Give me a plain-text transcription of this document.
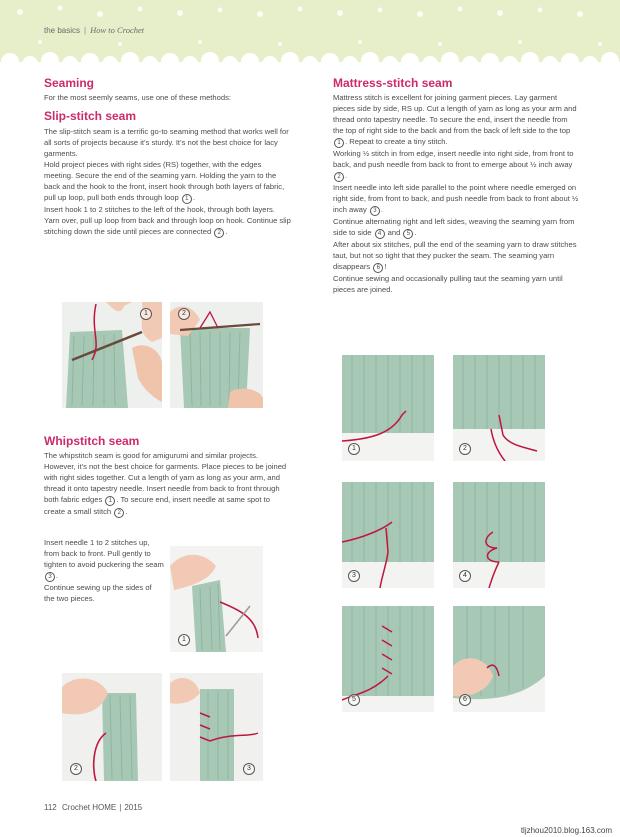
the basics | How to Crochet
Seaming

For the most seemly seams, use one of these methods:

Slip-stitch seam

The slip-stitch seam is a terrific go-to seaming method that works well for all sorts of projects because it’s sturdy. It’s not the best choice for lacy garments.

Hold project pieces with right sides (RS) together, with the edges meeting. Secure the end of the seaming yarn. Holding the yarn to the back and the hook to the front, insert hook through both layers of fabric, pull up loop, pull both ends through loop 1 .

Insert hook 1 to 2 stitches to the left of the hook, through both layers.

Yarn over, pull up loop from back and through loop on hook. Continue slip stitching down the side until pieces are connected 2 .

1	2
Whipstitch seam

The whipstitch seam is good for amigurumi and similar projects. However, it’s not the best choice for garments. Place pieces to be joined with right sides together. Cut a length of yarn as long as your arm, and thread it onto tapestry needle. Insert needle from back to front through both fabric edges 1 . To secure end, insert needle at same spot to create a small stitch 2 .

Insert needle 1 to 2 stitches up, from back to front. Pull gently to tighten to avoid puckering the seam 3 .

Continue sewing up the sides of the two pieces.

1
2	3
Mattress-stitch seam

Mattress stitch is excellent for joining garment pieces. Lay garment pieces side by side, RS up. Cut a length of yarn as long as your arm and thread onto tapestry needle. To secure the end, insert the needle from the top of right side to the back and from the back of left side to the top 1 . Repeat to create a tiny stitch.

Working ½ stitch in from edge, insert needle into right side, from front to back, and push needle from back to front to emerge about ½ inch away 2 .

Insert needle into left side parallel to the point where needle emerged on right side, from front to back, and push needle from back to front about ½ inch away 3 .

Continue alternating right and left sides, weaving the seaming yarn from side to side 4 and 5 .

After about six stitches, pull the end of the seaming yarn to draw stitches taut, but not so tight that they pucker the seam. The seaming yarn disappears 6 !

Continue sewing and occasionally pulling taut the seaming yarn until pieces are joined.

1	2
3	4
5	6
112 Crochet HOME | 2015
tljzhou2010.blog.163.com
